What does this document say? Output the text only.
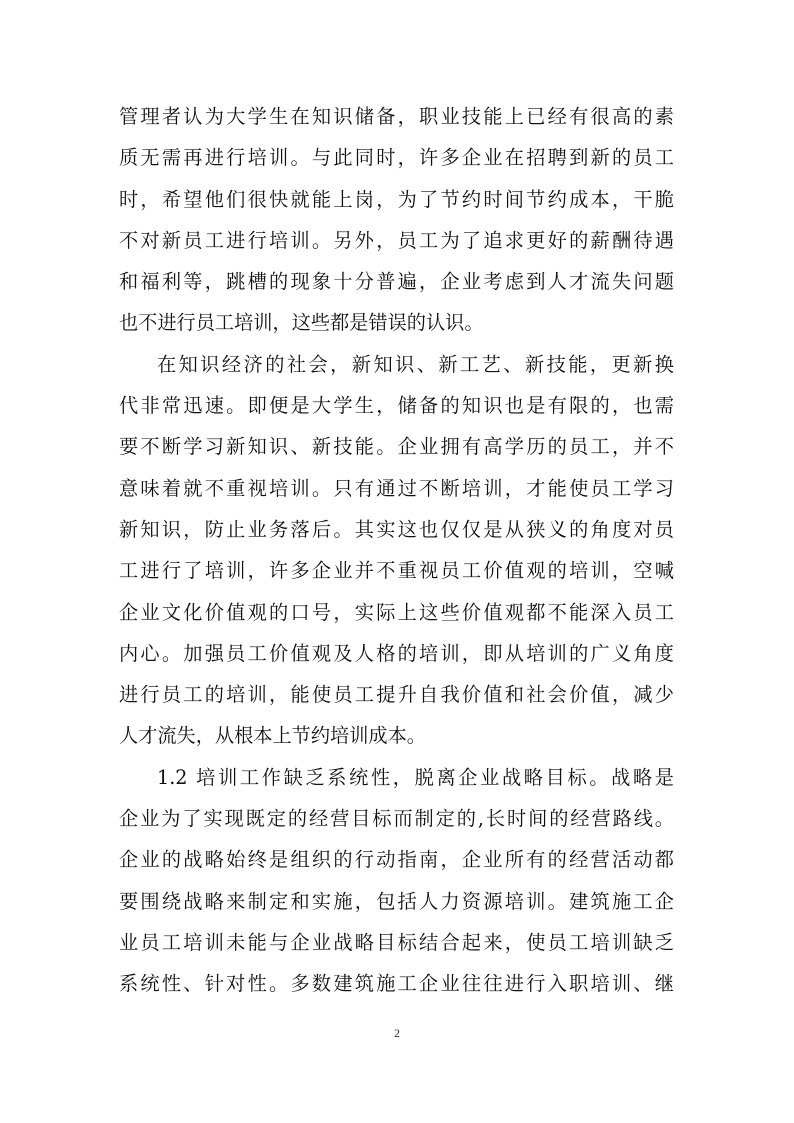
管理者认为大学生在知识储备，职业技能上已经有很高的素
质无需再进行培训。与此同时，许多企业在招聘到新的员工
时，希望他们很快就能上岗，为了节约时间节约成本，干脆
不对新员工进行培训。另外，员工为了追求更好的薪酬待遇
和福利等，跳槽的现象十分普遍，企业考虑到人才流失问题
也不进行员工培训，这些都是错误的认识。
在知识经济的社会，新知识、新工艺、新技能，更新换
代非常迅速。即便是大学生，储备的知识也是有限的，也需
要不断学习新知识、新技能。企业拥有高学历的员工，并不
意味着就不重视培训。只有通过不断培训，才能使员工学习
新知识，防止业务落后。其实这也仅仅是从狭义的角度对员
工进行了培训，许多企业并不重视员工价值观的培训，空喊
企业文化价值观的口号，实际上这些价值观都不能深入员工
内心。加强员工价值观及人格的培训，即从培训的广义角度
进行员工的培训，能使员工提升自我价值和社会价值，减少
人才流失，从根本上节约培训成本。
1.2 培训工作缺乏系统性，脱离企业战略目标。战略是
企业为了实现既定的经营目标而制定的,长时间的经营路线。
企业的战略始终是组织的行动指南，企业所有的经营活动都
要围绕战略来制定和实施，包括人力资源培训。建筑施工企
业员工培训未能与企业战略目标结合起来，使员工培训缺乏
系统性、针对性。多数建筑施工企业往往进行入职培训、继
2
